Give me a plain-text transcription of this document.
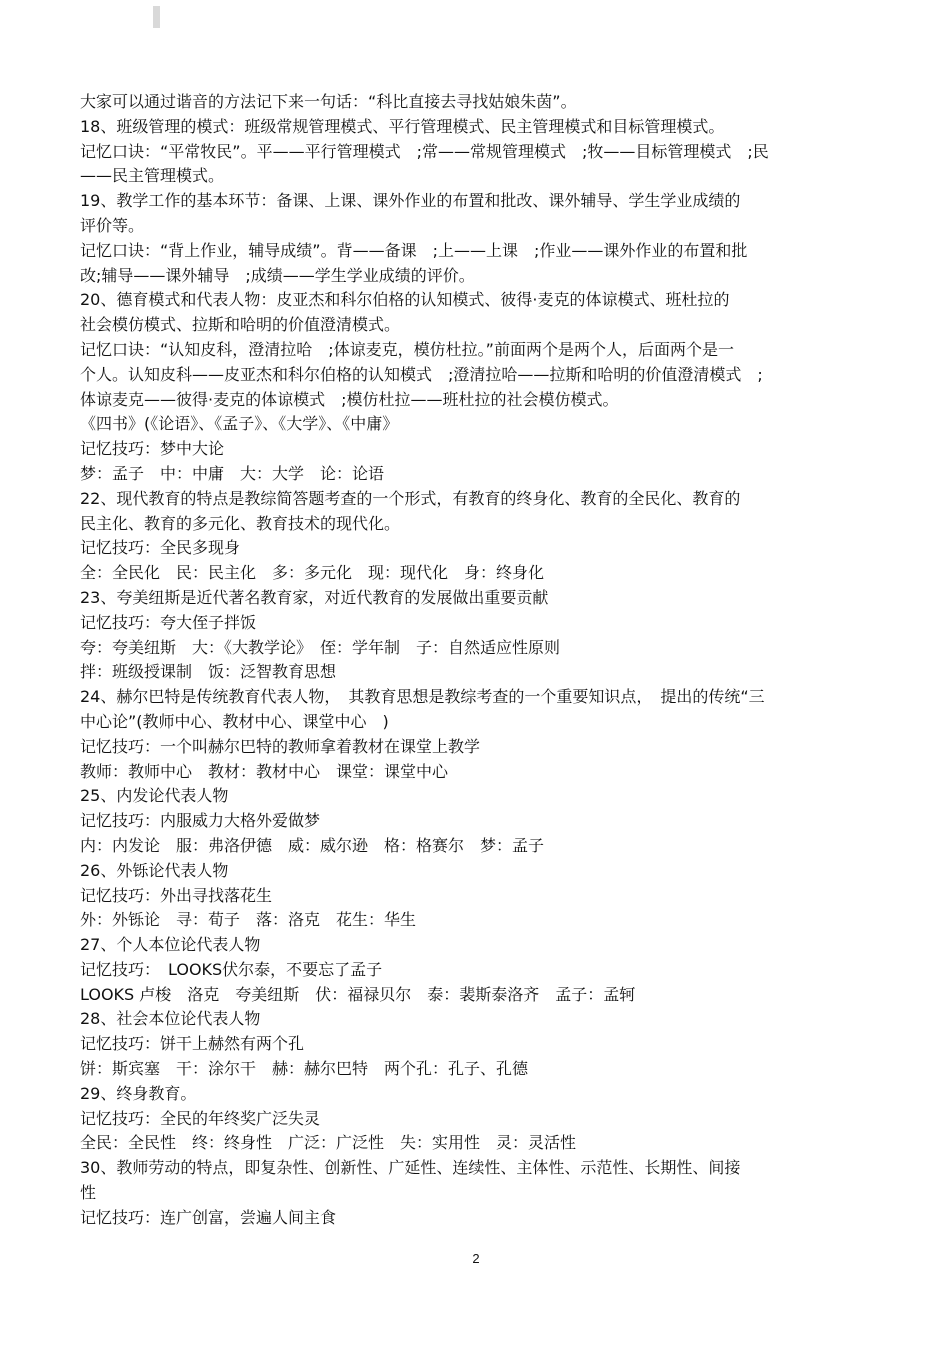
大家可以通过谐音的方法记下来一句话：“科比直接去寻找姑娘朱茵”。
18、班级管理的模式：班级常规管理模式、平行管理模式、民主管理模式和目标管理模式。
记忆口诀：“平常牧民”。平——平行管理模式　;常——常规管理模式　;牧——目标管理模式　;民
——民主管理模式。
19、教学工作的基本环节：备课、上课、课外作业的布置和批改、课外辅导、学生学业成绩的
评价等。
记忆口诀：“背上作业，辅导成绩”。背——备课　;上——上课　;作业——课外作业的布置和批
改;辅导——课外辅导　;成绩——学生学业成绩的评价。
20、德育模式和代表人物：皮亚杰和科尔伯格的认知模式、彼得·麦克的体谅模式、班杜拉的
社会模仿模式、拉斯和哈明的价值澄清模式。
记忆口诀：“认知皮科，澄清拉哈　;体谅麦克，模仿杜拉。”前面两个是两个人，后面两个是一
个人。认知皮科——皮亚杰和科尔伯格的认知模式　;澄清拉哈——拉斯和哈明的价值澄清模式　;
体谅麦克——彼得·麦克的体谅模式　;模仿杜拉——班杜拉的社会模仿模式。
《四书》(《论语》、《孟子》、《大学》、《中庸》
记忆技巧：梦中大论
梦：孟子　中：中庸　大：大学　论：论语
22、现代教育的特点是教综简答题考查的一个形式，有教育的终身化、教育的全民化、教育的
民主化、教育的多元化、教育技术的现代化。
记忆技巧：全民多现身
全：全民化　民：民主化　多：多元化　现：现代化　身：终身化
23、夸美纽斯是近代著名教育家，对近代教育的发展做出重要贡献
记忆技巧：夸大侄子拌饭
夸：夸美纽斯　大：《大教学论》　侄：学年制　子：自然适应性原则
拌：班级授课制　饭：泛智教育思想
24、赫尔巴特是传统教育代表人物，　其教育思想是教综考查的一个重要知识点，　提出的传统“三
中心论”(教师中心、教材中心、课堂中心　)
记忆技巧：一个叫赫尔巴特的教师拿着教材在课堂上教学
教师：教师中心　教材：教材中心　课堂：课堂中心
25、内发论代表人物
记忆技巧：内服威力大格外爱做梦
内：内发论　服：弗洛伊德　威：威尔逊　格：格赛尔　梦：孟子
26、外铄论代表人物
记忆技巧：外出寻找落花生
外：外铄论　寻：荀子　落：洛克　花生：华生
27、个人本位论代表人物
记忆技巧：　LOOKS伏尔泰，不要忘了孟子
LOOKS 卢梭　洛克　夸美纽斯　伏：福禄贝尔　泰：裴斯泰洛齐　孟子：孟轲
28、社会本位论代表人物
记忆技巧：饼干上赫然有两个孔
饼：斯宾塞　干：涂尔干　赫：赫尔巴特　两个孔：孔子、孔德
29、终身教育。
记忆技巧：全民的年终奖广泛失灵
全民：全民性　终：终身性　广泛：广泛性　失：实用性　灵：灵活性
30、教师劳动的特点，即复杂性、创新性、广延性、连续性、主体性、示范性、长期性、间接
性
记忆技巧：连广创富，尝遍人间主食
2
